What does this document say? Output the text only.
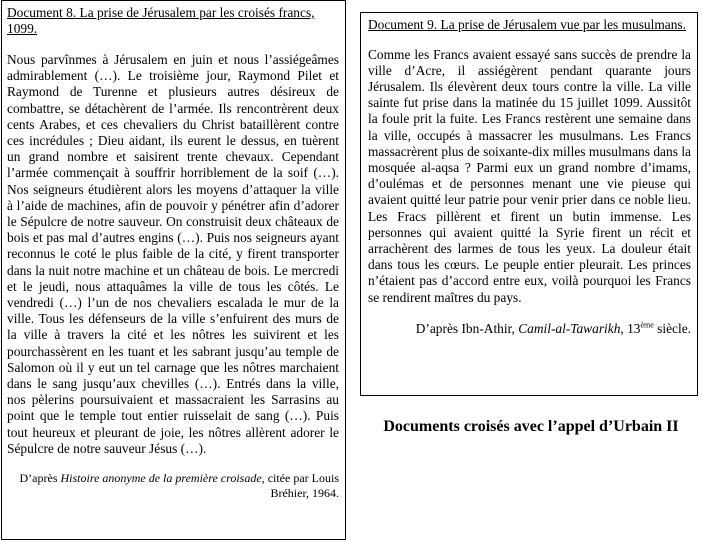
Document 8. La prise de Jérusalem par les croisés francs, 1099.

Nous parvînmes à Jérusalem en juin et nous l’assiégeâmes admirablement (…). Le troisième jour, Raymond Pilet et Raymond de Turenne et plusieurs autres désireux de combattre, se détachèrent de l’armée. Ils rencontrèrent deux cents Arabes, et ces chevaliers du Christ bataillèrent contre ces incrédules ; Dieu aidant, ils eurent le dessus, en tuèrent un grand nombre et saisirent trente chevaux. Cependant l’armée commençait à souffrir horriblement de la soif (…). Nos seigneurs étudièrent alors les moyens d’attaquer la ville à l’aide de machines, afin de pouvoir y pénétrer afin d’adorer le Sépulcre de notre sauveur. On construisit deux châteaux de bois et pas mal d’autres engins (…). Puis nos seigneurs ayant reconnus le coté le plus faible de la cité, y firent transporter dans la nuit notre machine et un château de bois. Le mercredi et le jeudi, nous attaquâmes la ville de tous les côtés. Le vendredi (…) l’un de nos chevaliers escalada le mur de la ville. Tous les défenseurs de la ville s’enfuirent des murs de la ville à travers la cité et les nôtres les suivirent et les pourchassèrent en les tuant et les sabrant jusqu’au temple de Salomon où il y eut un tel carnage que les nôtres marchaient dans le sang jusqu’aux chevilles (…). Entrés dans la ville, nos pèlerins poursuivaient et massacraient les Sarrasins au point que le temple tout entier ruisselait de sang (…). Puis tout heureux et pleurant de joie, les nôtres allèrent adorer le Sépulcre de notre sauveur Jésus (…).

D’après Histoire anonyme de la première croisade, citée par Louis Bréhier, 1964.

Document 9. La prise de Jérusalem vue par les musulmans.

Comme les Francs avaient essayé sans succès de prendre la ville d’Acre, il assiégèrent pendant quarante jours Jérusalem. Ils élevèrent deux tours contre la ville. La ville sainte fut prise dans la matinée du 15 juillet 1099. Aussitôt la foule prit la fuite. Les Francs restèrent une semaine dans la ville, occupés à massacrer les musulmans. Les Francs massacrèrent plus de soixante-dix milles musulmans dans la mosquée al-aqsa ? Parmi eux un grand nombre d’imams, d’oulémas et de personnes menant une vie pieuse qui avaient quitté leur patrie pour venir prier dans ce noble lieu. Les Fracs pillèrent et firent un butin immense. Les personnes qui avaient quitté la Syrie firent un récit et arrachèrent des larmes de tous les yeux. La douleur était dans tous les cœurs. Le peuple entier pleurait. Les princes n’étaient pas d’accord entre eux, voilà pourquoi les Francs se rendirent maîtres du pays.

D’après Ibn-Athir, Camil-al-Tawarikh, 13ème siècle.

Documents croisés avec l’appel d’Urbain II
